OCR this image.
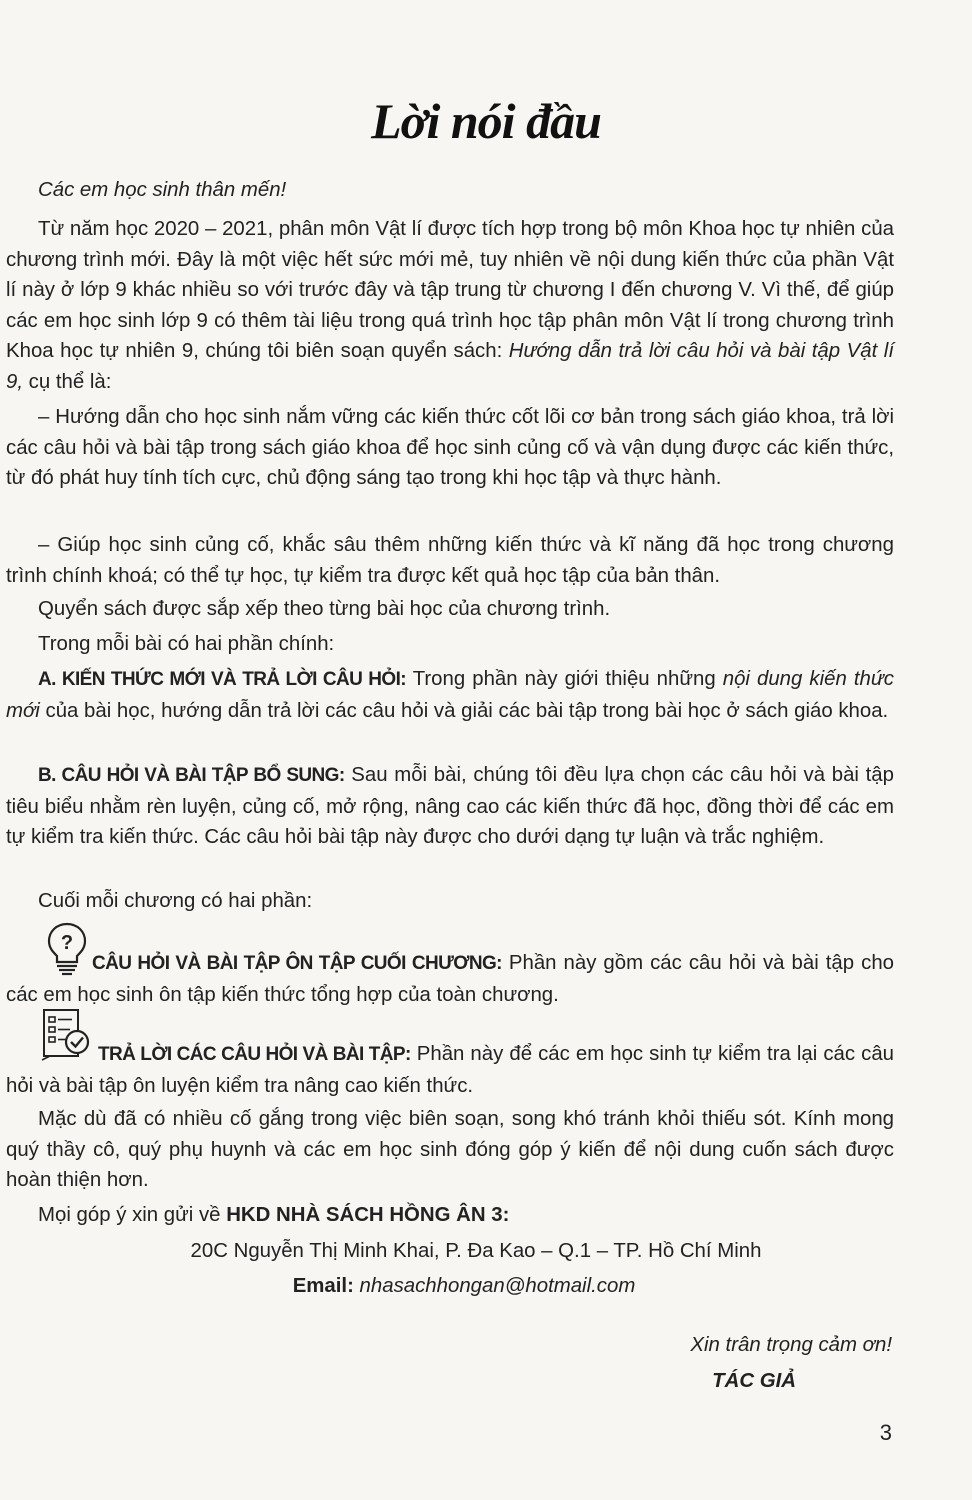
Lời nói đầu

Các em học sinh thân mến!

Từ năm học 2020 – 2021, phân môn Vật lí được tích hợp trong bộ môn Khoa học tự nhiên của chương trình mới. Đây là một việc hết sức mới mẻ, tuy nhiên về nội dung kiến thức của phần Vật lí này ở lớp 9 khác nhiều so với trước đây và tập trung từ chương I đến chương V. Vì thế, để giúp các em học sinh lớp 9 có thêm tài liệu trong quá trình học tập phân môn Vật lí trong chương trình Khoa học tự nhiên 9, chúng tôi biên soạn quyển sách: Hướng dẫn trả lời câu hỏi và bài tập Vật lí 9, cụ thể là:

– Hướng dẫn cho học sinh nắm vững các kiến thức cốt lõi cơ bản trong sách giáo khoa, trả lời các câu hỏi và bài tập trong sách giáo khoa để học sinh củng cố và vận dụng được các kiến thức, từ đó phát huy tính tích cực, chủ động sáng tạo trong khi học tập và thực hành.

– Giúp học sinh củng cố, khắc sâu thêm những kiến thức và kĩ năng đã học trong chương trình chính khoá; có thể tự học, tự kiểm tra được kết quả học tập của bản thân.

Quyển sách được sắp xếp theo từng bài học của chương trình.

Trong mỗi bài có hai phần chính:

A. KIẾN THỨC MỚI VÀ TRẢ LỜI CÂU HỎI: Trong phần này giới thiệu những nội dung kiến thức mới của bài học, hướng dẫn trả lời các câu hỏi và giải các bài tập trong bài học ở sách giáo khoa.

B. CÂU HỎI VÀ BÀI TẬP BỔ SUNG: Sau mỗi bài, chúng tôi đều lựa chọn các câu hỏi và bài tập tiêu biểu nhằm rèn luyện, củng cố, mở rộng, nâng cao các kiến thức đã học, đồng thời để các em tự kiểm tra kiến thức. Các câu hỏi bài tập này được cho dưới dạng tự luận và trắc nghiệm.

Cuối mỗi chương có hai phần:

?

CÂU HỎI VÀ BÀI TẬP ÔN TẬP CUỐI CHƯƠNG: Phần này gồm các câu hỏi và bài tập cho các em học sinh ôn tập kiến thức tổng hợp của toàn chương.

TRẢ LỜI CÁC CÂU HỎI VÀ BÀI TẬP: Phần này để các em học sinh tự kiểm tra lại các câu hỏi và bài tập ôn luyện kiểm tra nâng cao kiến thức.

Mặc dù đã có nhiều cố gắng trong việc biên soạn, song khó tránh khỏi thiếu sót. Kính mong quý thầy cô, quý phụ huynh và các em học sinh đóng góp ý kiến để nội dung cuốn sách được hoàn thiện hơn.

Mọi góp ý xin gửi về HKD NHÀ SÁCH HỒNG ÂN 3:

20C Nguyễn Thị Minh Khai, P. Đa Kao – Q.1 – TP. Hồ Chí Minh
Email: nhasachhongan@hotmail.com
Xin trân trọng cảm ơn!
TÁC GIẢ
3
